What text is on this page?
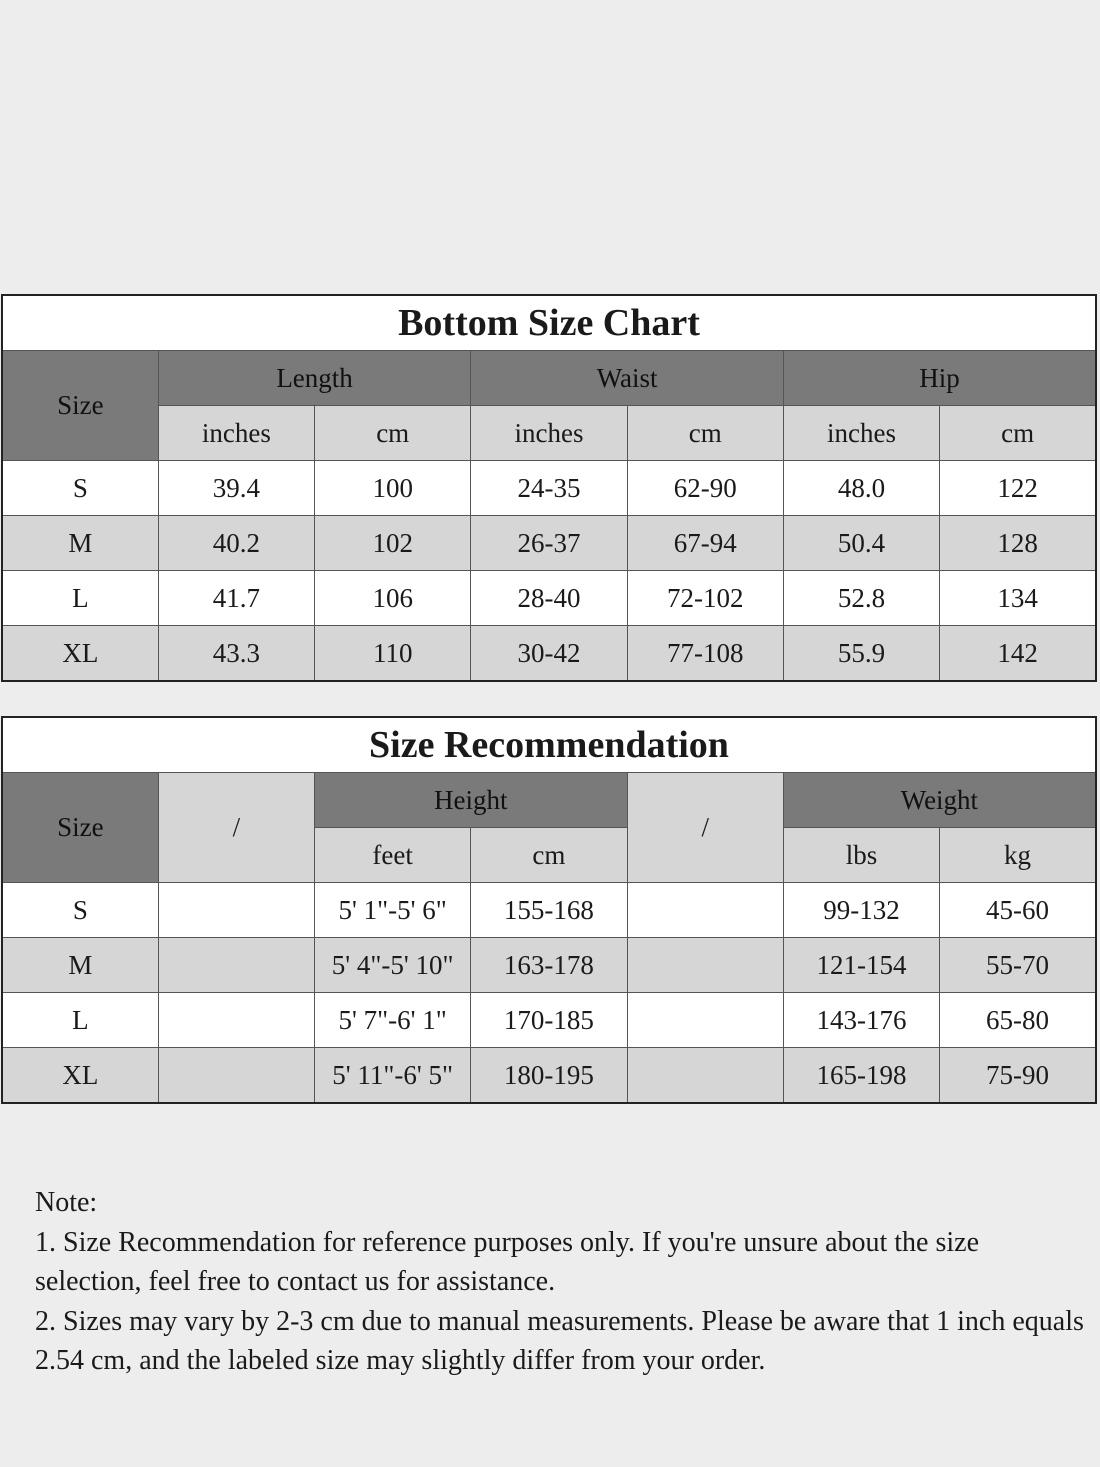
Bottom Size Chart						
Size	Length		Waist		Hip	
	inches	cm	inches	cm	inches	cm
S	39.4	100	24-35	62-90	48.0	122
M	40.2	102	26-37	67-94	50.4	128
L	41.7	106	28-40	72-102	52.8	134
XL	43.3	110	30-42	77-108	55.9	142
Size Recommendation						
Size	/	Height		/	Weight	
		feet	cm		lbs	kg
S		5' 1"-5' 6"	155-168		99-132	45-60
M		5' 4"-5' 10"	163-178		121-154	55-70
L		5' 7"-6' 1"	170-185		143-176	65-80
XL		5' 11"-6' 5"	180-195		165-198	75-90

Note:

1. Size Recommendation for reference purposes only. If you're unsure about the size selection, feel free to contact us for assistance.

2. Sizes may vary by 2-3 cm due to manual measurements. Please be aware that 1 inch equals 2.54 cm, and the labeled size may slightly differ from your order.
